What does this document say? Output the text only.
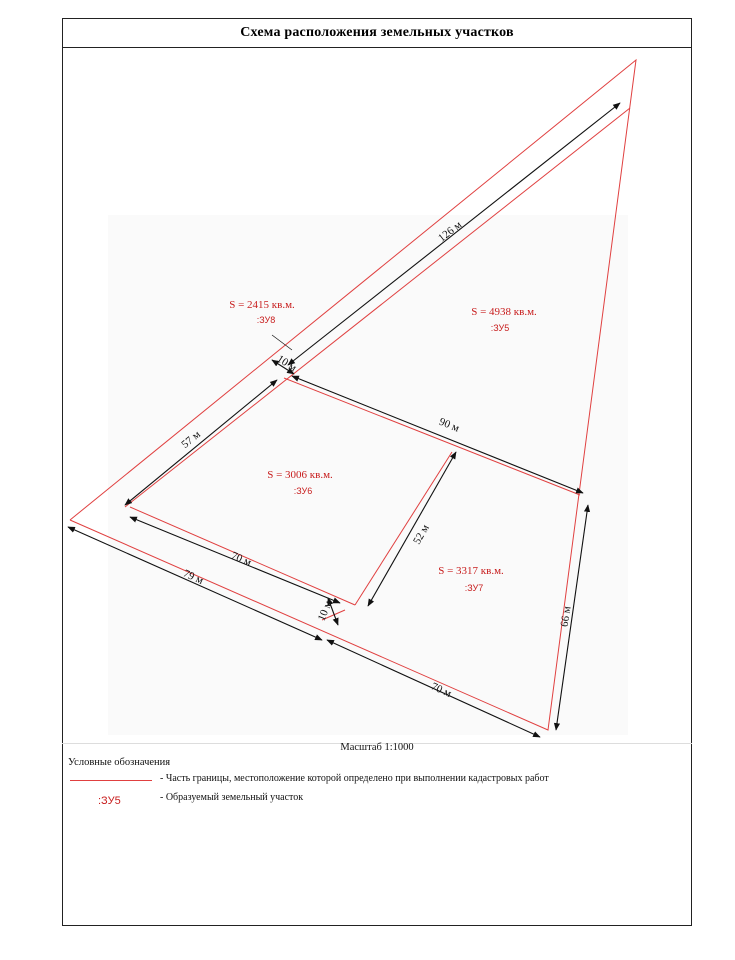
Схема расположения земельных участков
126 м
10 м
57 м
90 м
52 м
70 м
79 м
10 м
70 м
66 м
S = 2415 кв.м.
:ЗУ8
S = 4938 кв.м.
:ЗУ5
S = 3006 кв.м.
:ЗУ6
S = 3317 кв.м.
:ЗУ7
Масштаб 1:1000
Условные обозначения
- Часть границы, местоположение которой определено при выполнении кадастровых работ
:ЗУ5	- Образуемый земельный участок
